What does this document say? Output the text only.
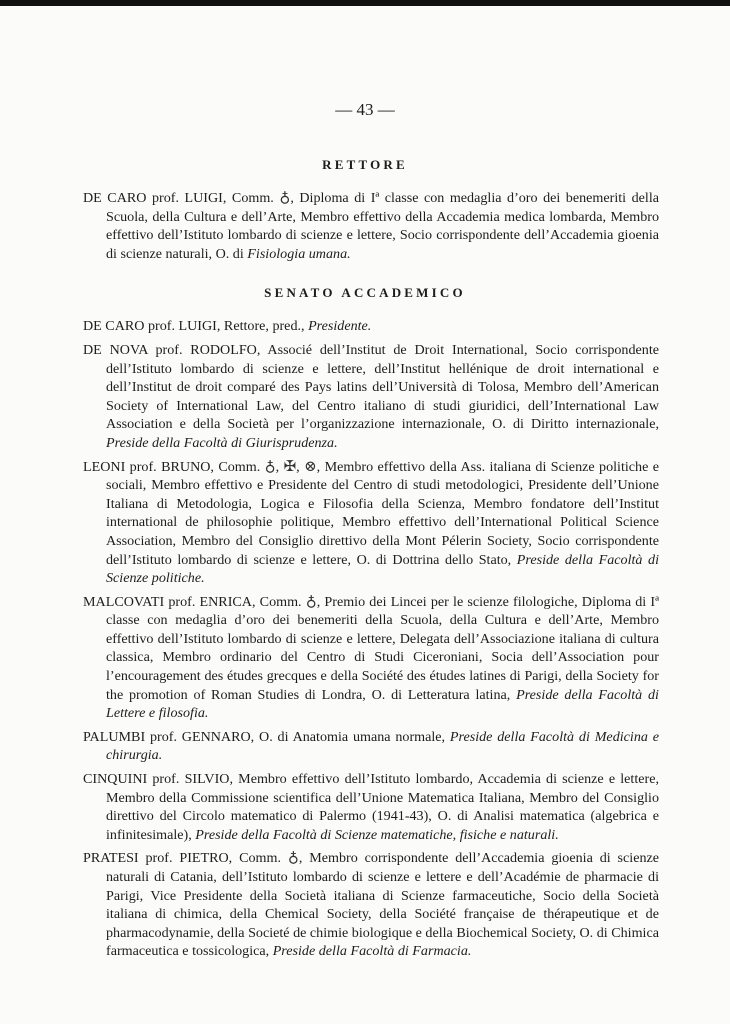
— 43 —
RETTORE
DE CARO prof. LUIGI, Comm. ♁, Diploma di Iª classe con medaglia d’oro dei benemeriti della Scuola, della Cultura e dell’Arte, Membro effettivo della Accademia medica lombarda, Membro effettivo dell’Istituto lombardo di scienze e lettere, Socio corrispondente dell’Accademia gioenia di scienze naturali, O. di Fisiologia umana.
SENATO ACCADEMICO
DE CARO prof. LUIGI, Rettore, pred., Presidente.
DE NOVA prof. RODOLFO, Associé dell’Institut de Droit International, Socio corrispondente dell’Istituto lombardo di scienze e lettere, dell’Institut hellénique de droit international e dell’Institut de droit comparé des Pays latins dell’Università di Tolosa, Membro dell’American Society of International Law, del Centro italiano di studi giuridici, dell’International Law Association e della Società per l’organizzazione internazionale, O. di Diritto internazionale, Preside della Facoltà di Giurisprudenza.
LEONI prof. BRUNO, Comm. ♁, ✠, ⊗, Membro effettivo della Ass. italiana di Scienze politiche e sociali, Membro effettivo e Presidente del Centro di studi metodologici, Presidente dell’Unione Italiana di Metodologia, Logica e Filosofia della Scienza, Membro fondatore dell’Institut international de philosophie politique, Membro effettivo dell’International Political Science Association, Membro del Consiglio direttivo della Mont Pélerin Society, Socio corrispondente dell’Istituto lombardo di scienze e lettere, O. di Dottrina dello Stato, Preside della Facoltà di Scienze politiche.
MALCOVATI prof. ENRICA, Comm. ♁, Premio dei Lincei per le scienze filologiche, Diploma di Iª classe con medaglia d’oro dei benemeriti della Scuola, della Cultura e dell’Arte, Membro effettivo dell’Istituto lombardo di scienze e lettere, Delegata dell’Associazione italiana di cultura classica, Membro ordinario del Centro di Studi Ciceroniani, Socia dell’Association pour l’encouragement des études grecques e della Société des études latines di Parigi, della Society for the promotion of Roman Studies di Londra, O. di Letteratura latina, Preside della Facoltà di Lettere e filosofia.
PALUMBI prof. GENNARO, O. di Anatomia umana normale, Preside della Facoltà di Medicina e chirurgia.
CINQUINI prof. SILVIO, Membro effettivo dell’Istituto lombardo, Accademia di scienze e lettere, Membro della Commissione scientifica dell’Unione Matematica Italiana, Membro del Consiglio direttivo del Circolo matematico di Palermo (1941-43), O. di Analisi matematica (algebrica e infinitesimale), Preside della Facoltà di Scienze matematiche, fisiche e naturali.
PRATESI prof. PIETRO, Comm. ♁, Membro corrispondente dell’Accademia gioenia di scienze naturali di Catania, dell’Istituto lombardo di scienze e lettere e dell’Académie de pharmacie di Parigi, Vice Presidente della Società italiana di Scienze farmaceutiche, Socio della Società italiana di chimica, della Chemical Society, della Société française de thérapeutique et de pharmacodynamie, della Societé de chimie biologique e della Biochemical Society, O. di Chimica farmaceutica e tossicologica, Preside della Facoltà di Farmacia.
